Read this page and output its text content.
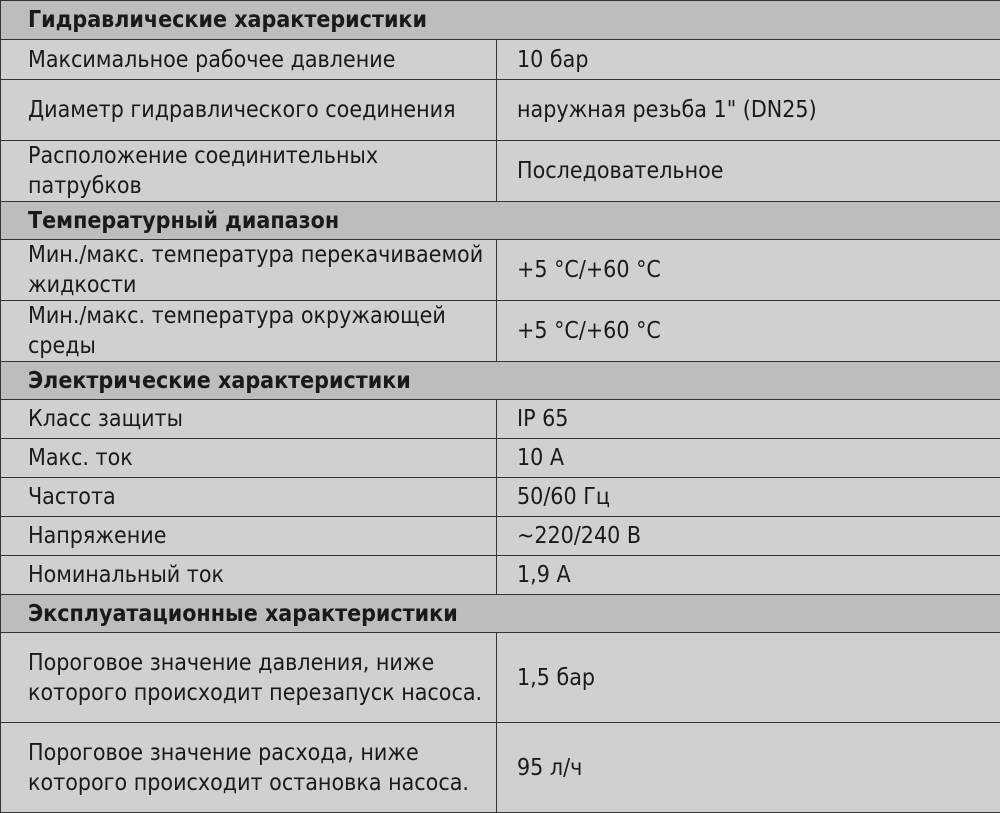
Гидравлические характеристики	
Максимальное рабочее давление	10 бар
Диаметр гидравлического соединения	наружная резьба 1" (DN25)
Расположение соединительных патрубков	Последовательное
Температурный диапазон	
Мин./макс. температура перекачиваемой жидкости	+5 °C/+60 °C
Мин./макс. температура окружающей среды	+5 °C/+60 °C
Электрические характеристики	
Класс защиты	IP 65
Макс. ток	10 A
Частота	50/60 Гц
Напряжение	~220/240 В
Номинальный ток	1,9 А
Эксплуатационные характеристики	
Пороговое значение давления, ниже которого происходит перезапуск насоса.	1,5 бар
Пороговое значение расхода, ниже которого происходит остановка насоса.	95 л/ч
